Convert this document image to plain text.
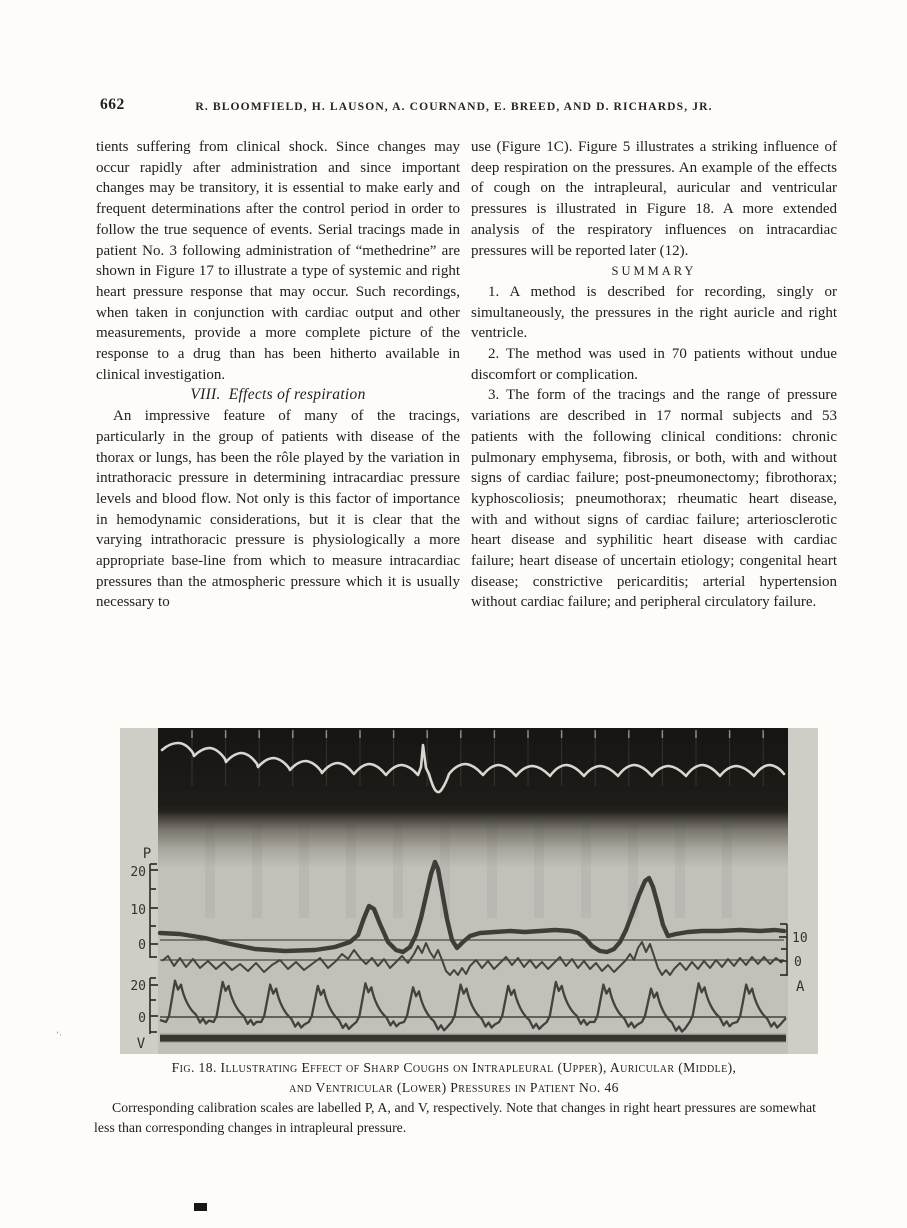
662	R. BLOOMFIELD, H. LAUSON, A. COURNAND, E. BREED, AND D. RICHARDS, JR.

tients suffering from clinical shock. Since changes may occur rapidly after administration and since important changes may be transitory, it is essential to make early and frequent determinations after the control period in order to follow the true sequence of events. Serial tracings made in patient No. 3 following administration of “methedrine” are shown in Figure 17 to illustrate a type of systemic and right heart pressure response that may occur. Such recordings, when taken in conjunction with cardiac output and other measurements, provide a more complete picture of the response to a drug than has been hitherto available in clinical investigation.

VIII. Effects of respiration

An impressive feature of many of the tracings, particularly in the group of patients with disease of the thorax or lungs, has been the rôle played by the variation in intrathoracic pressure in determining intracardiac pressure levels and blood flow. Not only is this factor of importance in hemodynamic considerations, but it is clear that the varying intrathoracic pressure is physiologically a more appropriate base-line from which to measure intracardiac pressures than the atmospheric pressure which it is usually necessary to

use (Figure 1C). Figure 5 illustrates a striking influence of deep respiration on the pressures. An example of the effects of cough on the intrapleural, auricular and ventricular pressures is illustrated in Figure 18. A more extended analysis of the respiratory influences on intracardiac pressures will be reported later (12).

SUMMARY

1. A method is described for recording, singly or simultaneously, the pressures in the right auricle and right ventricle.

2. The method was used in 70 patients without undue discomfort or complication.

3. The form of the tracings and the range of pressure variations are described in 17 normal subjects and 53 patients with the following clinical conditions: chronic pulmonary emphysema, fibrosis, or both, with and without signs of cardiac failure; post-pneumonectomy; fibrothorax; kyphoscoliosis; pneumothorax; rheumatic heart disease, with and without signs of cardiac failure; arteriosclerotic heart disease and syphilitic heart disease with cardiac failure; heart disease of uncertain etiology; congenital heart disease; constrictive pericarditis; arterial hypertension without cardiac failure; and peripheral circulatory failure.

P
20
10
0
20
0
V
10
0
A
Fig. 18. Illustrating Effect of Sharp Coughs on Intrapleural (Upper), Auricular (Middle),
and Ventricular (Lower) Pressures in Patient No. 46
Corresponding calibration scales are labelled P, A, and V, respectively. Note that changes in right heart pressures are somewhat less than corresponding changes in intrapleural pressure.
’·
